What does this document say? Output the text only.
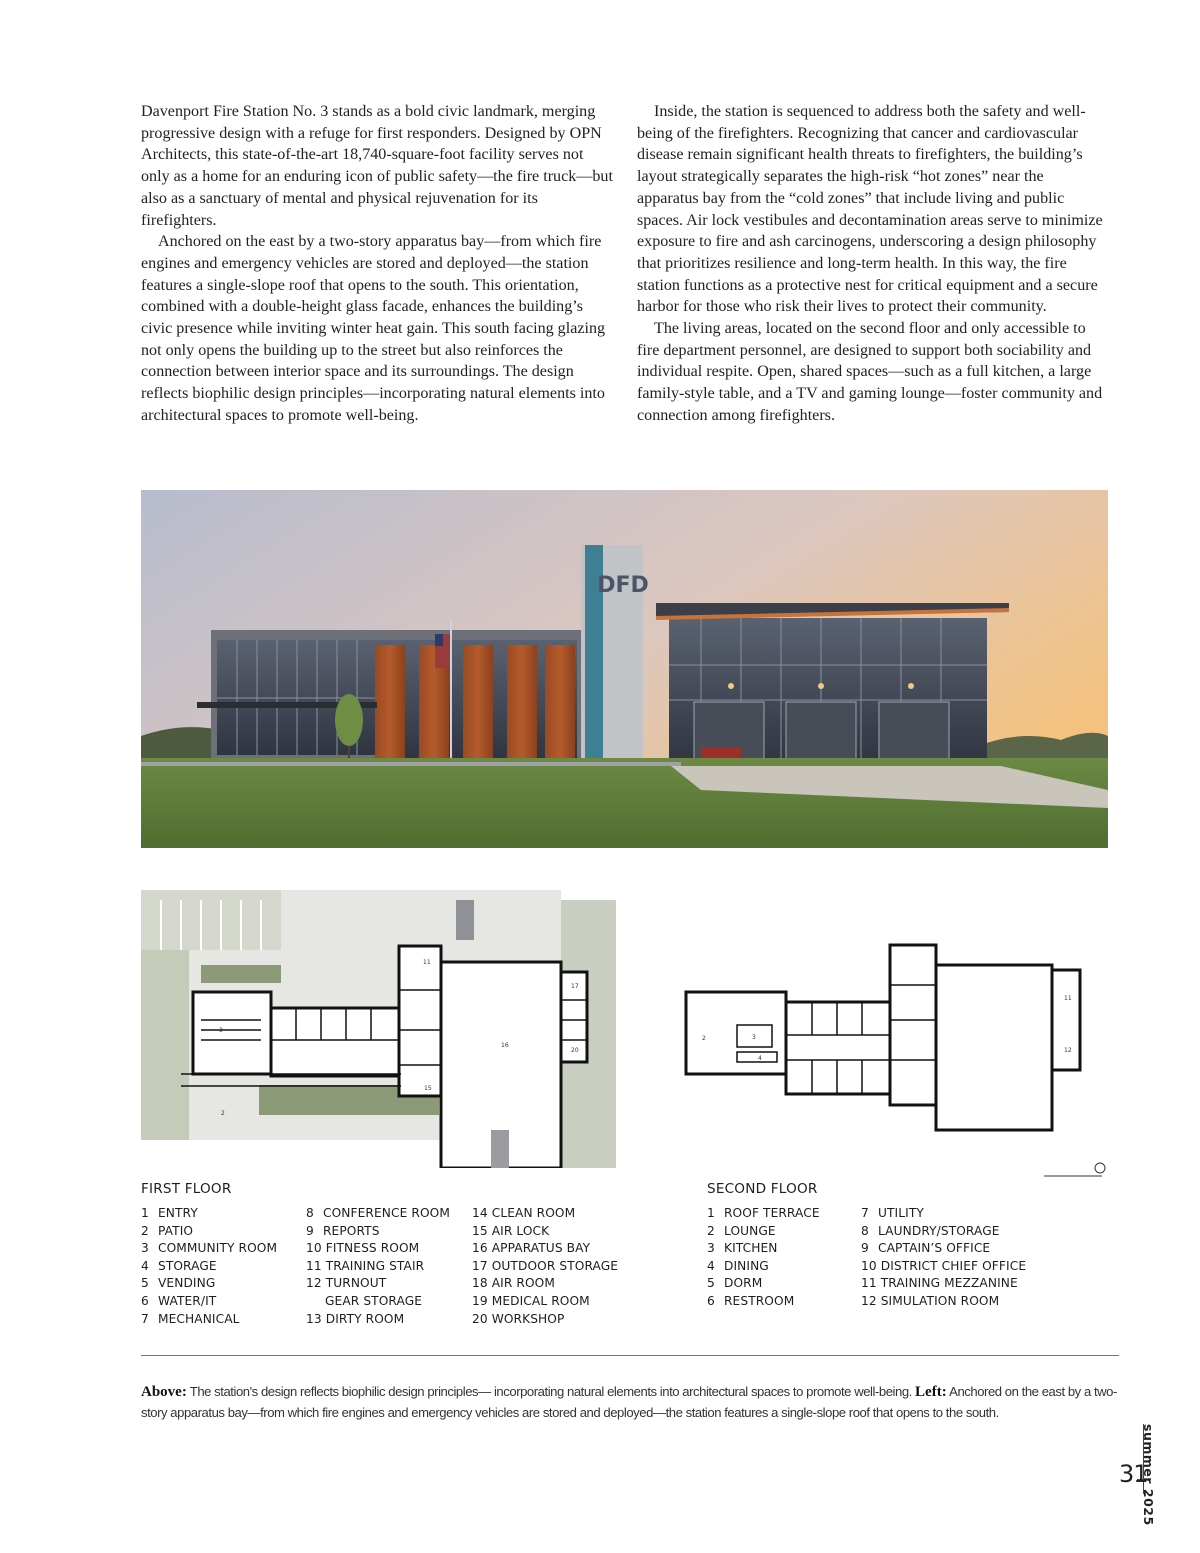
Davenport Fire Station No. 3 stands as a bold civic landmark, merging progressive design with a refuge for first responders. Designed by OPN Architects, this state-of-the-art 18,740-square-foot facility serves not only as a home for an enduring icon of public safety—the fire truck—but also as a sanctuary of mental and physical rejuvenation for its firefighters.

Anchored on the east by a two-story apparatus bay—from which fire engines and emergency vehicles are stored and deployed—the station features a single-slope roof that opens to the south. This orientation, combined with a double-height glass facade, enhances the building’s civic presence while inviting winter heat gain. This south facing glazing not only opens the building up to the street but also reinforces the connection between interior space and its surroundings. The design reflects biophilic design principles—incorporating natural elements into architectural spaces to promote well-being.

Inside, the station is sequenced to address both the safety and well-being of the firefighters. Recognizing that cancer and cardiovascular disease remain significant health threats to firefighters, the building’s layout strategically separates the high-risk “hot zones” near the apparatus bay from the “cold zones” that include living and public spaces. Air lock vestibules and decontamination areas serve to minimize exposure to fire and ash carcinogens, underscoring a design philosophy that prioritizes resilience and long-term health. In this way, the fire station functions as a protective nest for critical equipment and a secure harbor for those who risk their lives to protect their community.

The living areas, located on the second floor and only accessible to fire department personnel, are designed to support both sociability and individual respite. Open, shared spaces—such as a full kitchen, a large family-style table, and a TV and gaming lounge—foster community and connection among firefighters.

DFD
16
3
2
11
15
17
20
2	3
4
11
12
FIRST FLOOR
1 ENTRY
2 PATIO
3 COMMUNITY ROOM
4 STORAGE
5 VENDING
6 WATER/IT
7 MECHANICAL
8 CONFERENCE ROOM
9 REPORTS
10 FITNESS ROOM
11 TRAINING STAIR
12 TURNOUT
GEAR STORAGE
13 DIRTY ROOM
14 CLEAN ROOM
15 AIR LOCK
16 APPARATUS BAY
17 OUTDOOR STORAGE
18 AIR ROOM
19 MEDICAL ROOM
20 WORKSHOP
SECOND FLOOR
1 ROOF TERRACE
2 LOUNGE
3 KITCHEN
4 DINING
5 DORM
6 RESTROOM
7 UTILITY
8 LAUNDRY/STORAGE
9 CAPTAIN’S OFFICE
10 DISTRICT CHIEF OFFICE
11 TRAINING MEZZANINE
12 SIMULATION ROOM
Above: The station's design reflects biophilic design principles— incorporating natural elements into architectural spaces to promote well-being. Left: Anchored on the east by a two-story apparatus bay—from which fire engines and emergency vehicles are stored and deployed—the station features a single-slope roof that opens to the south.
31
summer 2025
